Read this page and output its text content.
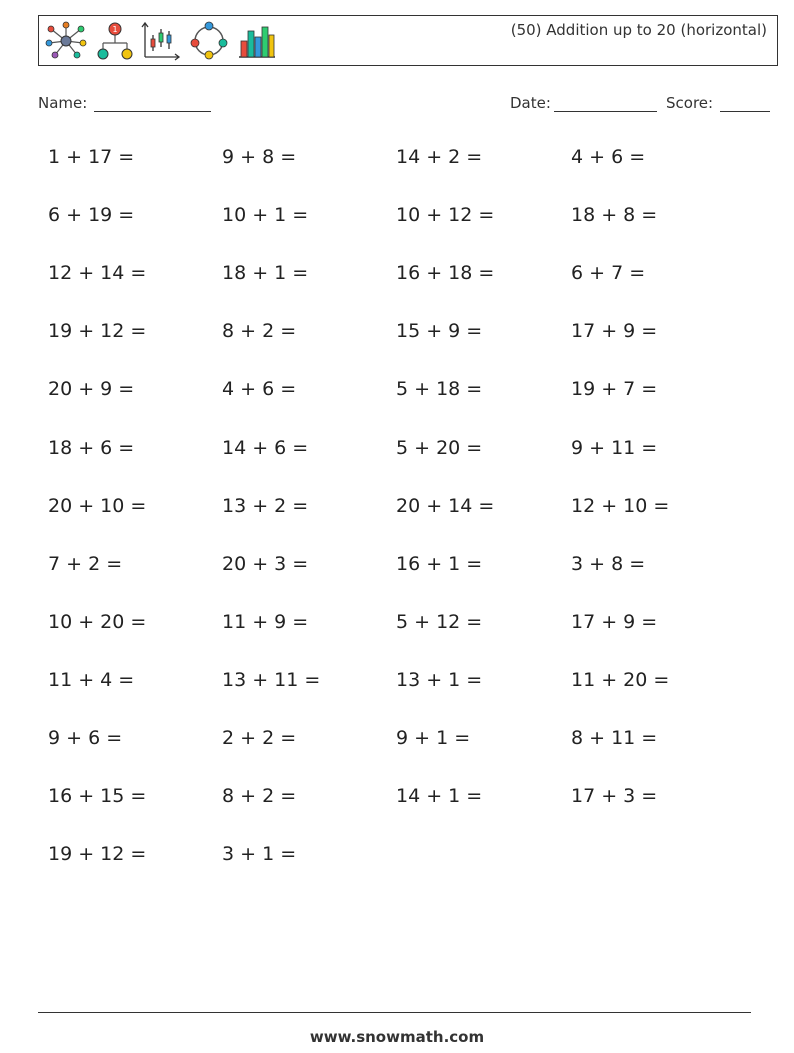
1	(50) Addition up to 20 (horizontal)
Name:	Date:	Score:
1 + 17 =	9 + 8 =	14 + 2 =	4 + 6 =
6 + 19 =	10 + 1 =	10 + 12 =	18 + 8 =
12 + 14 =	18 + 1 =	16 + 18 =	6 + 7 =
19 + 12 =	8 + 2 =	15 + 9 =	17 + 9 =
20 + 9 =	4 + 6 =	5 + 18 =	19 + 7 =
18 + 6 =	14 + 6 =	5 + 20 =	9 + 11 =
20 + 10 =	13 + 2 =	20 + 14 =	12 + 10 =
7 + 2 =	20 + 3 =	16 + 1 =	3 + 8 =
10 + 20 =	11 + 9 =	5 + 12 =	17 + 9 =
11 + 4 =	13 + 11 =	13 + 1 =	11 + 20 =
9 + 6 =	2 + 2 =	9 + 1 =	8 + 11 =
16 + 15 =	8 + 2 =	14 + 1 =	17 + 3 =
19 + 12 =	3 + 1 =
www.snowmath.com
